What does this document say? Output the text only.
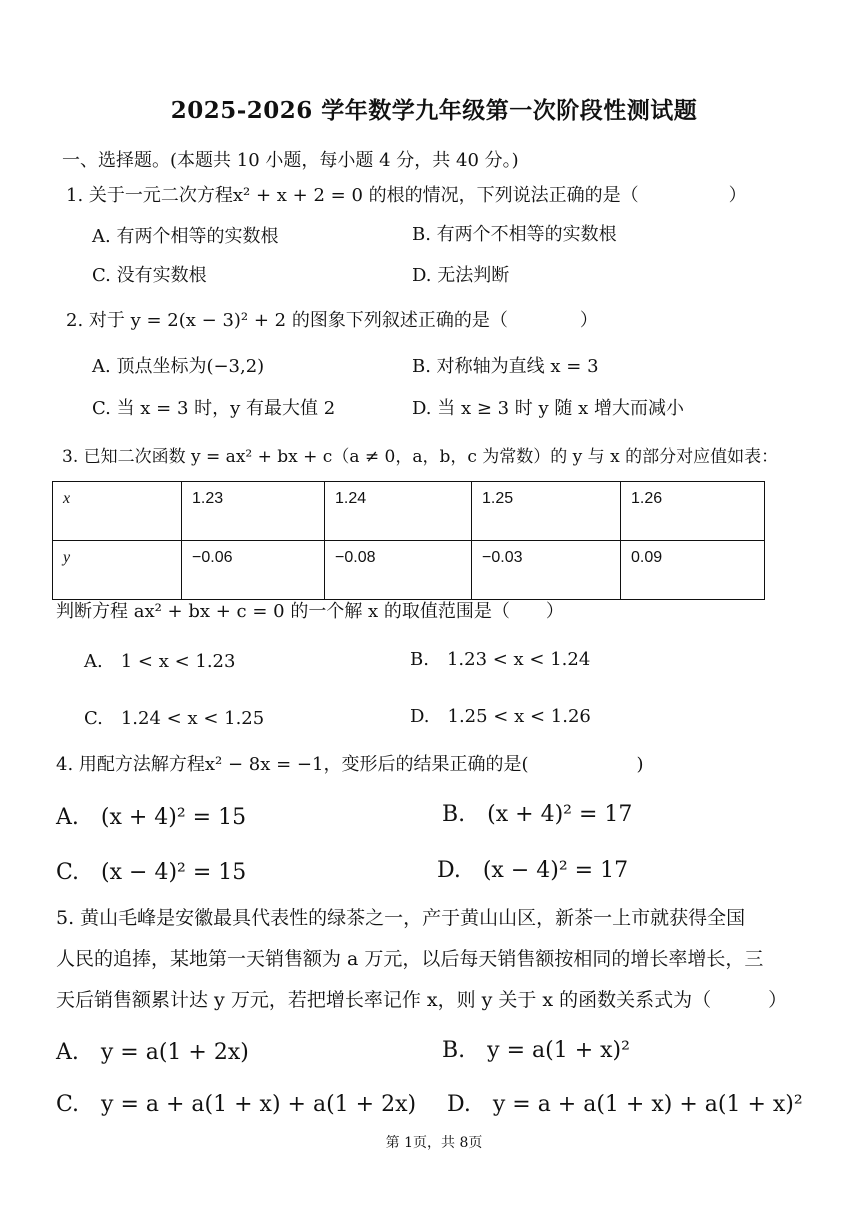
2025-2026 学年数学九年级第一次阶段性测试题
一、选择题。(本题共 10 小题，每小题 4 分，共 40 分。)
1. 关于一元二次方程x² + x + 2 = 0 的根的情况，下列说法正确的是（　　　　　）
A. 有两个相等的实数根	B. 有两个不相等的实数根
C. 没有实数根	D. 无法判断
2. 对于 y = 2(x − 3)² + 2 的图象下列叙述正确的是（　　　　）
A. 顶点坐标为(−3,2)	B. 对称轴为直线 x = 3
C. 当 x = 3 时，y 有最大值 2	D. 当 x ≥ 3 时 y 随 x 增大而减小
3. 已知二次函数 y = ax² + bx + c（a ≠ 0，a，b，c 为常数）的 y 与 x 的部分对应值如表：
x	1.23	1.24	1.25	1.26
y	−0.06	−0.08	−0.03	0.09
判断方程 ax² + bx + c = 0 的一个解 x 的取值范围是（　　）
A.　1 < x < 1.23	B.　1.23 < x < 1.24
C.　1.24 < x < 1.25	D.　1.25 < x < 1.26
4. 用配方法解方程x² − 8x = −1，变形后的结果正确的是(　　　　　　)
A.　(x + 4)² = 15	B.　(x + 4)² = 17
C.　(x − 4)² = 15	D.　(x − 4)² = 17
5. 黄山毛峰是安徽最具代表性的绿茶之一，产于黄山山区，新茶一上市就获得全国
人民的追捧，某地第一天销售额为 a 万元，以后每天销售额按相同的增长率增长，三
天后销售额累计达 y 万元，若把增长率记作 x，则 y 关于 x 的函数关系式为（　　　）
A.　y = a(1 + 2x)	B.　y = a(1 + x)²
C.　y = a + a(1 + x) + a(1 + 2x) D.　y = a + a(1 + x) + a(1 + x)²
第 1页，共 8页
